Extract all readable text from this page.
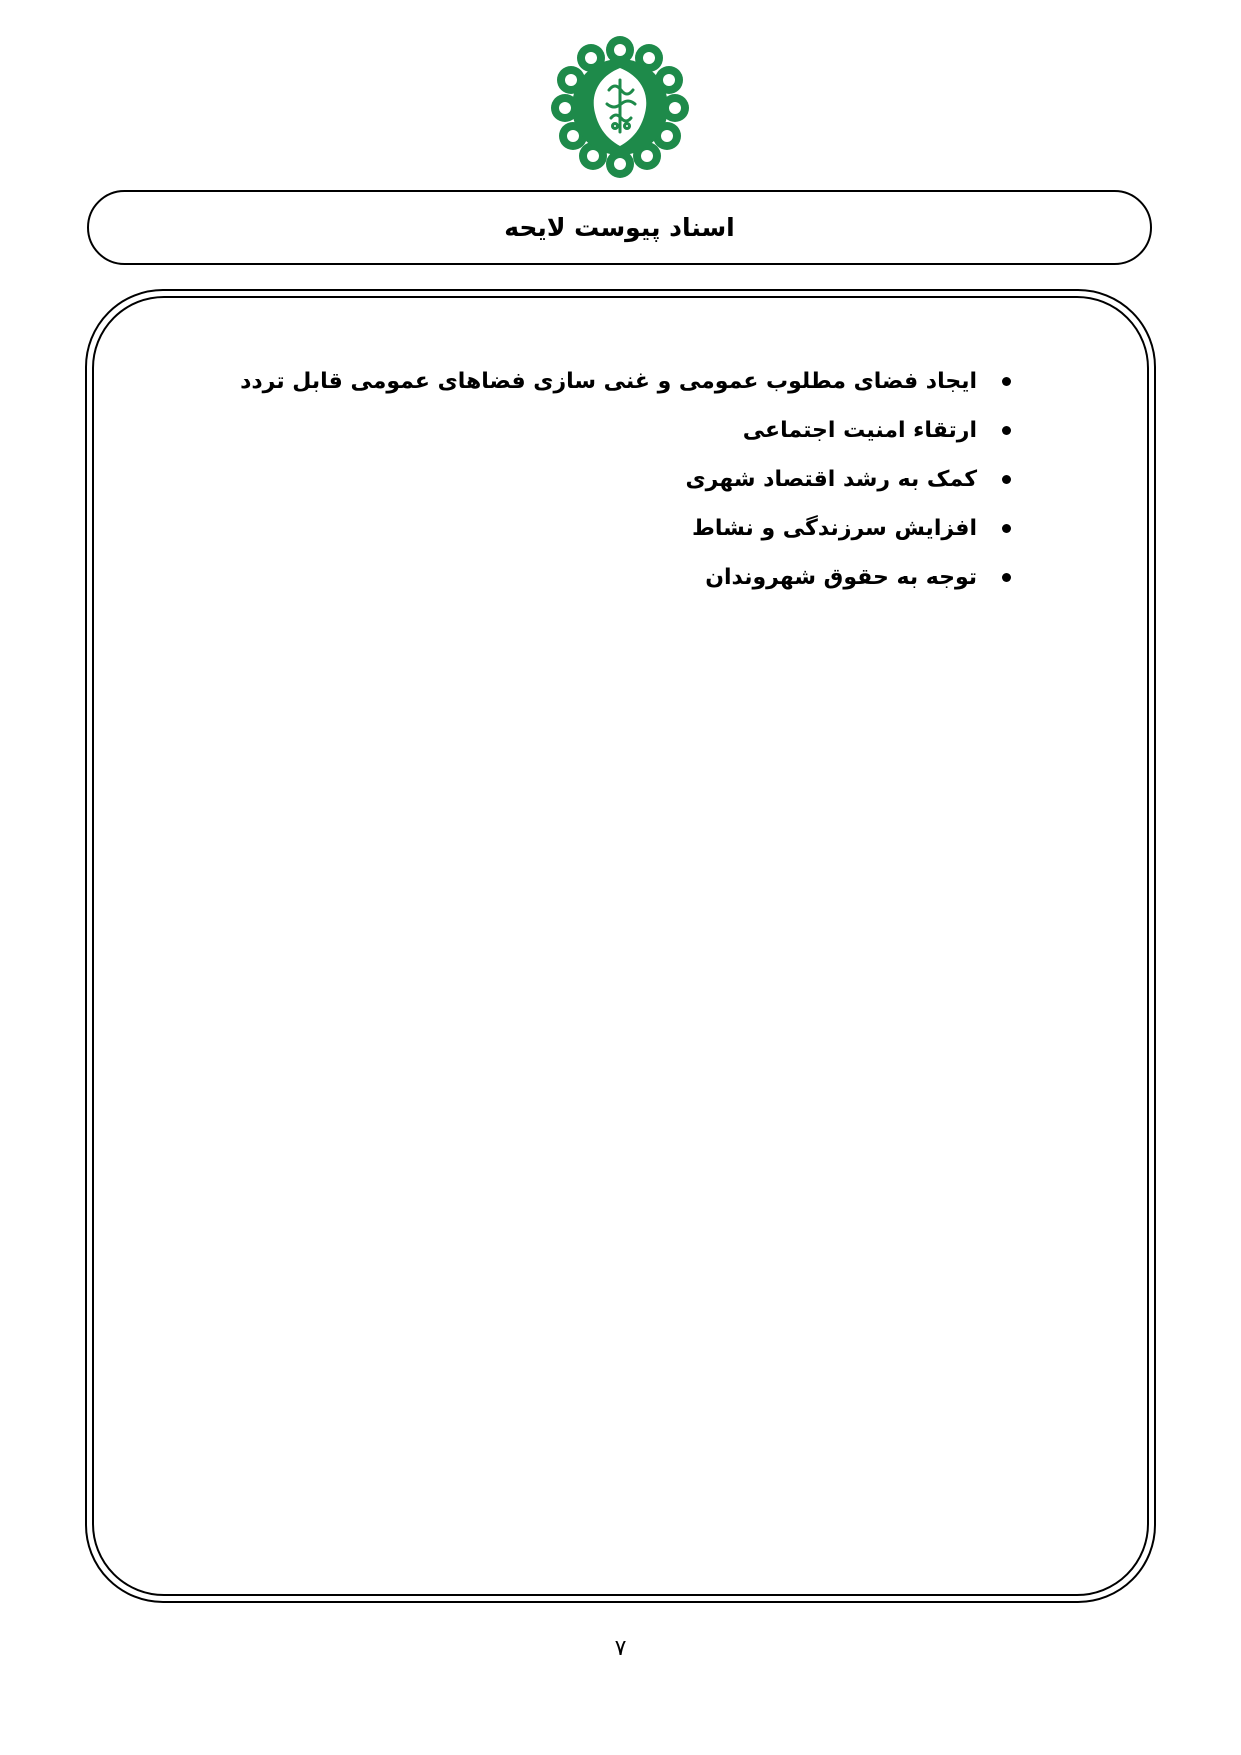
اسناد پیوست لایحه
ایجاد فضای مطلوب عمومی و غنی سازی فضاهای عمومی قابل تردد
ارتقاء امنیت اجتماعی
کمک به رشد اقتصاد شهری
افزایش سرزندگی و نشاط
توجه به حقوق شهروندان
۷
